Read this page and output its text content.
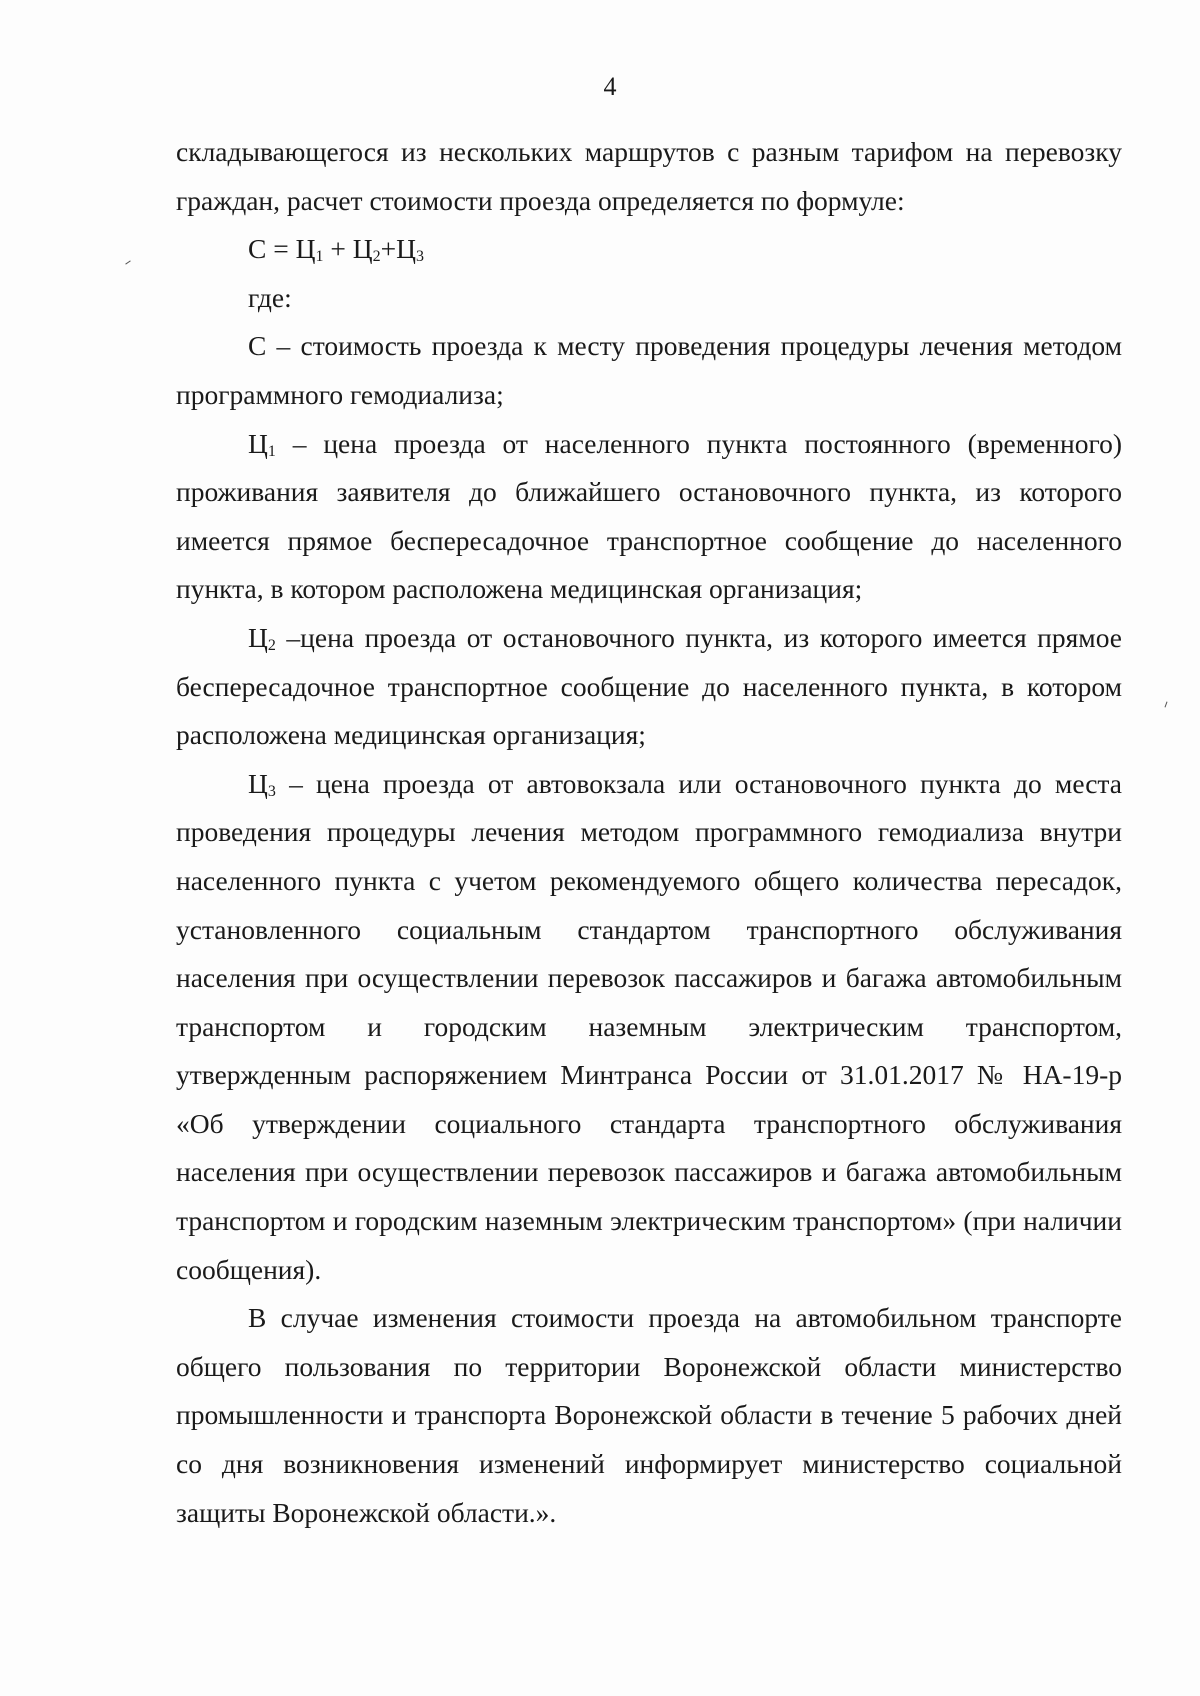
4

складывающегося из нескольких маршрутов с разным тарифом на перевозку граждан, расчет стоимости проезда определяется по формуле:

$С = Ц_1 + Ц_2+Ц_3$

где:

С – стоимость проезда к месту проведения процедуры лечения методом программного гемодиализа;

$Ц_1$ – цена проезда от населенного пункта постоянного (временного) проживания заявителя до ближайшего остановочного пункта, из которого имеется прямое беспересадочное транспортное сообщение до населенного пункта, в котором расположена медицинская организация;

$Ц_2$ –цена проезда от остановочного пункта, из которого имеется прямое беспересадочное транспортное сообщение до населенного пункта, в котором расположена медицинская организация;

$Ц_3$ – цена проезда от автовокзала или остановочного пункта до места проведения процедуры лечения методом программного гемодиализа внутри населенного пункта с учетом рекомендуемого общего количества пересадок, установленного социальным стандартом транспортного обслуживания населения при осуществлении перевозок пассажиров и багажа автомобильным транспортом и городским наземным электрическим транспортом, утвержденным распоряжением Минтранса России от 31.01.2017 № НА-19-р «Об утверждении социального стандарта транспортного обслуживания населения при осуществлении перевозок пассажиров и багажа автомобильным транспортом и городским наземным электрическим транспортом» (при наличии сообщения).

В случае изменения стоимости проезда на автомобильном транспорте общего пользования по территории Воронежской области министерство промышленности и транспорта Воронежской области в течение 5 рабочих дней со дня возникновения изменений информирует министерство социальной защиты Воронежской области.».
